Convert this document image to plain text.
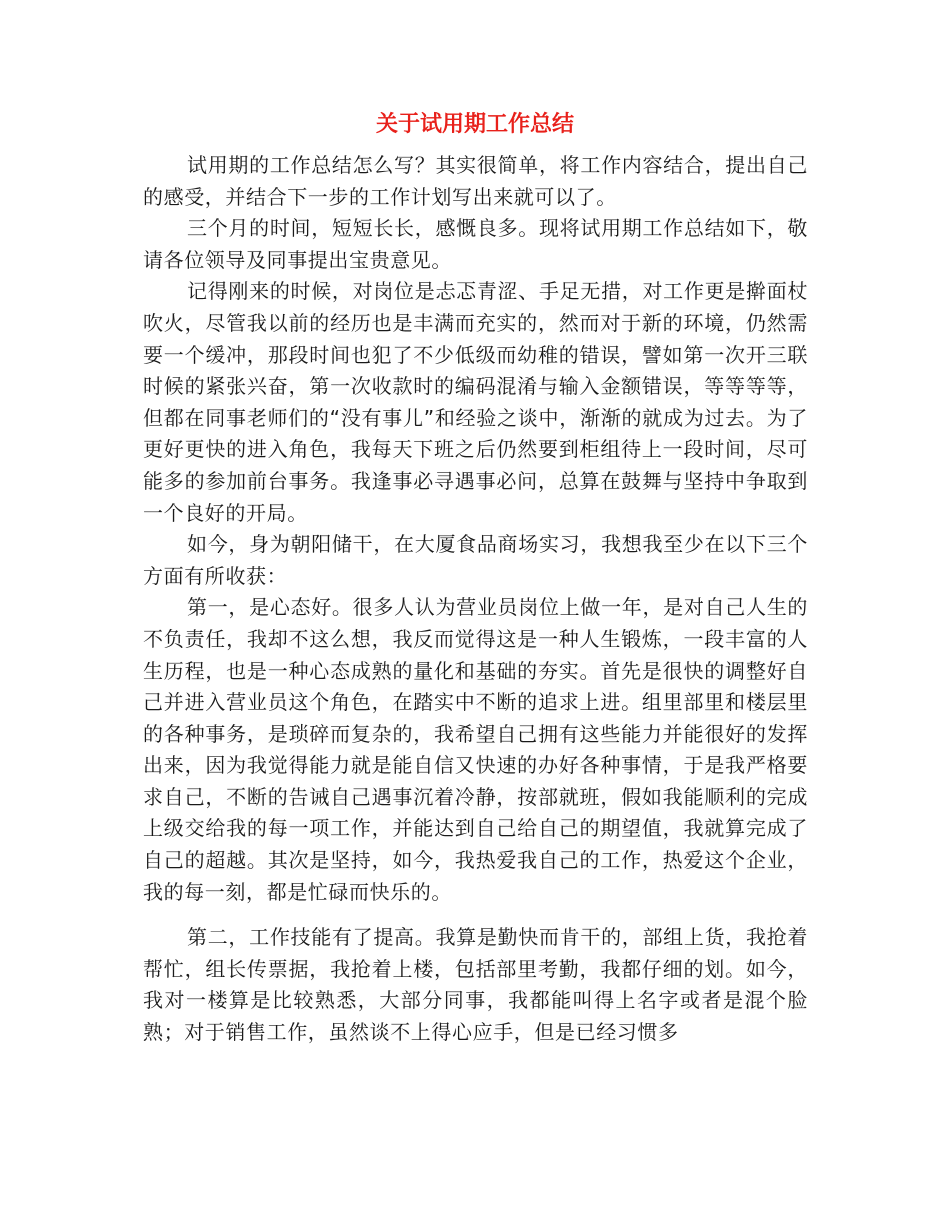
关于试用期工作总结

试用期的工作总结怎么写？其实很简单，将工作内容结合，提出自己的感受，并结合下一步的工作计划写出来就可以了。

三个月的时间，短短长长，感慨良多。现将试用期工作总结如下，敬请各位领导及同事提出宝贵意见。

记得刚来的时候，对岗位是忐忑青涩、手足无措，对工作更是擀面杖吹火，尽管我以前的经历也是丰满而充实的，然而对于新的环境，仍然需要一个缓冲，那段时间也犯了不少低级而幼稚的错误，譬如第一次开三联时候的紧张兴奋，第一次收款时的编码混淆与输入金额错误，等等等等，但都在同事老师们的“没有事儿”和经验之谈中，渐渐的就成为过去。为了更好更快的进入角色，我每天下班之后仍然要到柜组待上一段时间，尽可能多的参加前台事务。我逢事必寻遇事必问，总算在鼓舞与坚持中争取到一个良好的开局。

如今，身为朝阳储干，在大厦食品商场实习，我想我至少在以下三个方面有所收获：

第一，是心态好。很多人认为营业员岗位上做一年，是对自己人生的不负责任，我却不这么想，我反而觉得这是一种人生锻炼，一段丰富的人生历程，也是一种心态成熟的量化和基础的夯实。首先是很快的调整好自己并进入营业员这个角色，在踏实中不断的追求上进。组里部里和楼层里的各种事务，是琐碎而复杂的，我希望自己拥有这些能力并能很好的发挥出来，因为我觉得能力就是能自信又快速的办好各种事情，于是我严格要求自己，不断的告诫自己遇事沉着冷静，按部就班，假如我能顺利的完成上级交给我的每一项工作，并能达到自己给自己的期望值，我就算完成了自己的超越。其次是坚持，如今，我热爱我自己的工作，热爱这个企业，我的每一刻，都是忙碌而快乐的。

第二，工作技能有了提高。我算是勤快而肯干的，部组上货，我抢着帮忙，组长传票据，我抢着上楼，包括部里考勤，我都仔细的划。如今，我对一楼算是比较熟悉，大部分同事，我都能叫得上名字或者是混个脸熟；对于销售工作，虽然谈不上得心应手，但是已经习惯多
